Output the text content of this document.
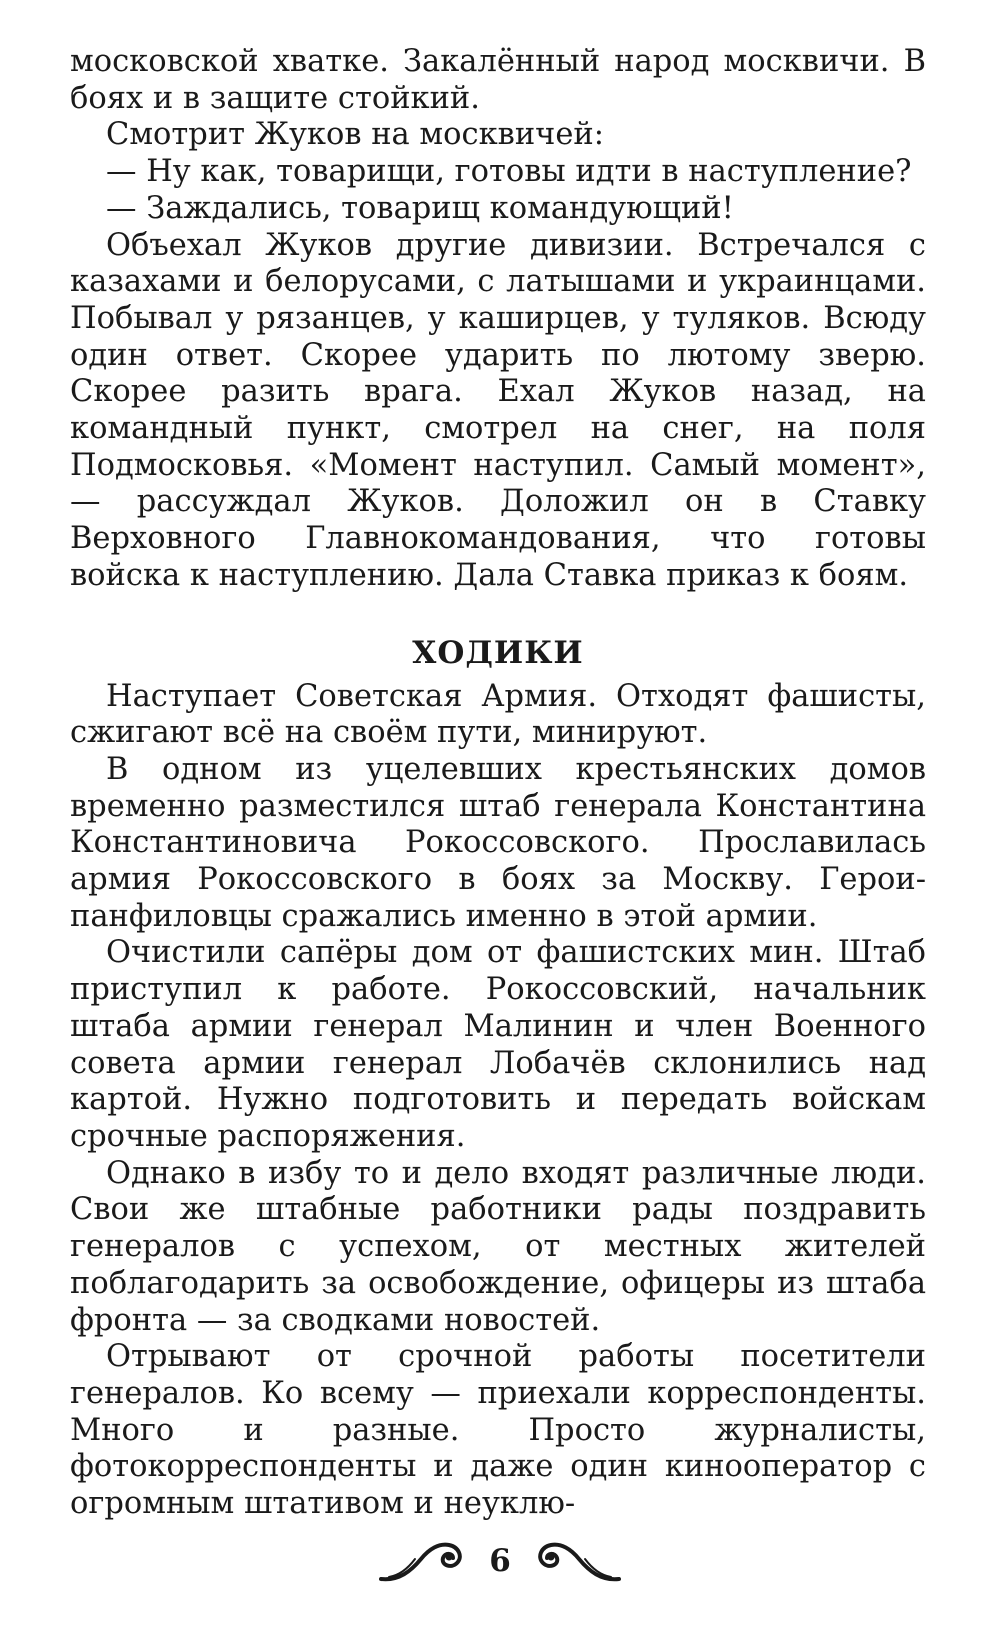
московской хватке. Закалённый народ москвичи. В боях и в защите стойкий.

Смотрит Жуков на москвичей:

— Ну как, товарищи, готовы идти в наступление?

— Заждались, товарищ командующий!

Объехал Жуков другие дивизии. Встречался с казахами и белорусами, с латышами и украинцами. Побывал у рязанцев, у каширцев, у туляков. Всюду один ответ. Скорее ударить по лютому зверю. Скорее разить врага. Ехал Жуков назад, на командный пункт, смотрел на снег, на поля Подмосковья. «Момент наступил. Самый момент», — рассуждал Жуков. Доложил он в Ставку Верховного Главнокомандования, что готовы войска к наступлению. Дала Ставка приказ к боям.

ХОДИКИ

Наступает Советская Армия. Отходят фашисты, сжигают всё на своём пути, минируют.

В одном из уцелевших крестьянских домов временно разместился штаб генерала Константина Константиновича Рокоссовского. Прославилась армия Рокоссовского в боях за Москву. Герои-панфиловцы сражались именно в этой армии.

Очистили сапёры дом от фашистских мин. Штаб приступил к работе. Рокоссовский, начальник штаба армии генерал Малинин и член Военного совета армии генерал Лобачёв склонились над картой. Нужно подготовить и передать войскам срочные распоряжения.

Однако в избу то и дело входят различные люди. Свои же штабные работники рады поздравить генералов с успехом, от местных жителей поблагодарить за освобождение, офицеры из штаба фронта — за сводками новостей.

Отрывают от срочной работы посетители генералов. Ко всему — приехали корреспонденты. Много и разные. Просто журналисты, фотокорреспонденты и даже один кинооператор с огромным штативом и неуклю-

6
